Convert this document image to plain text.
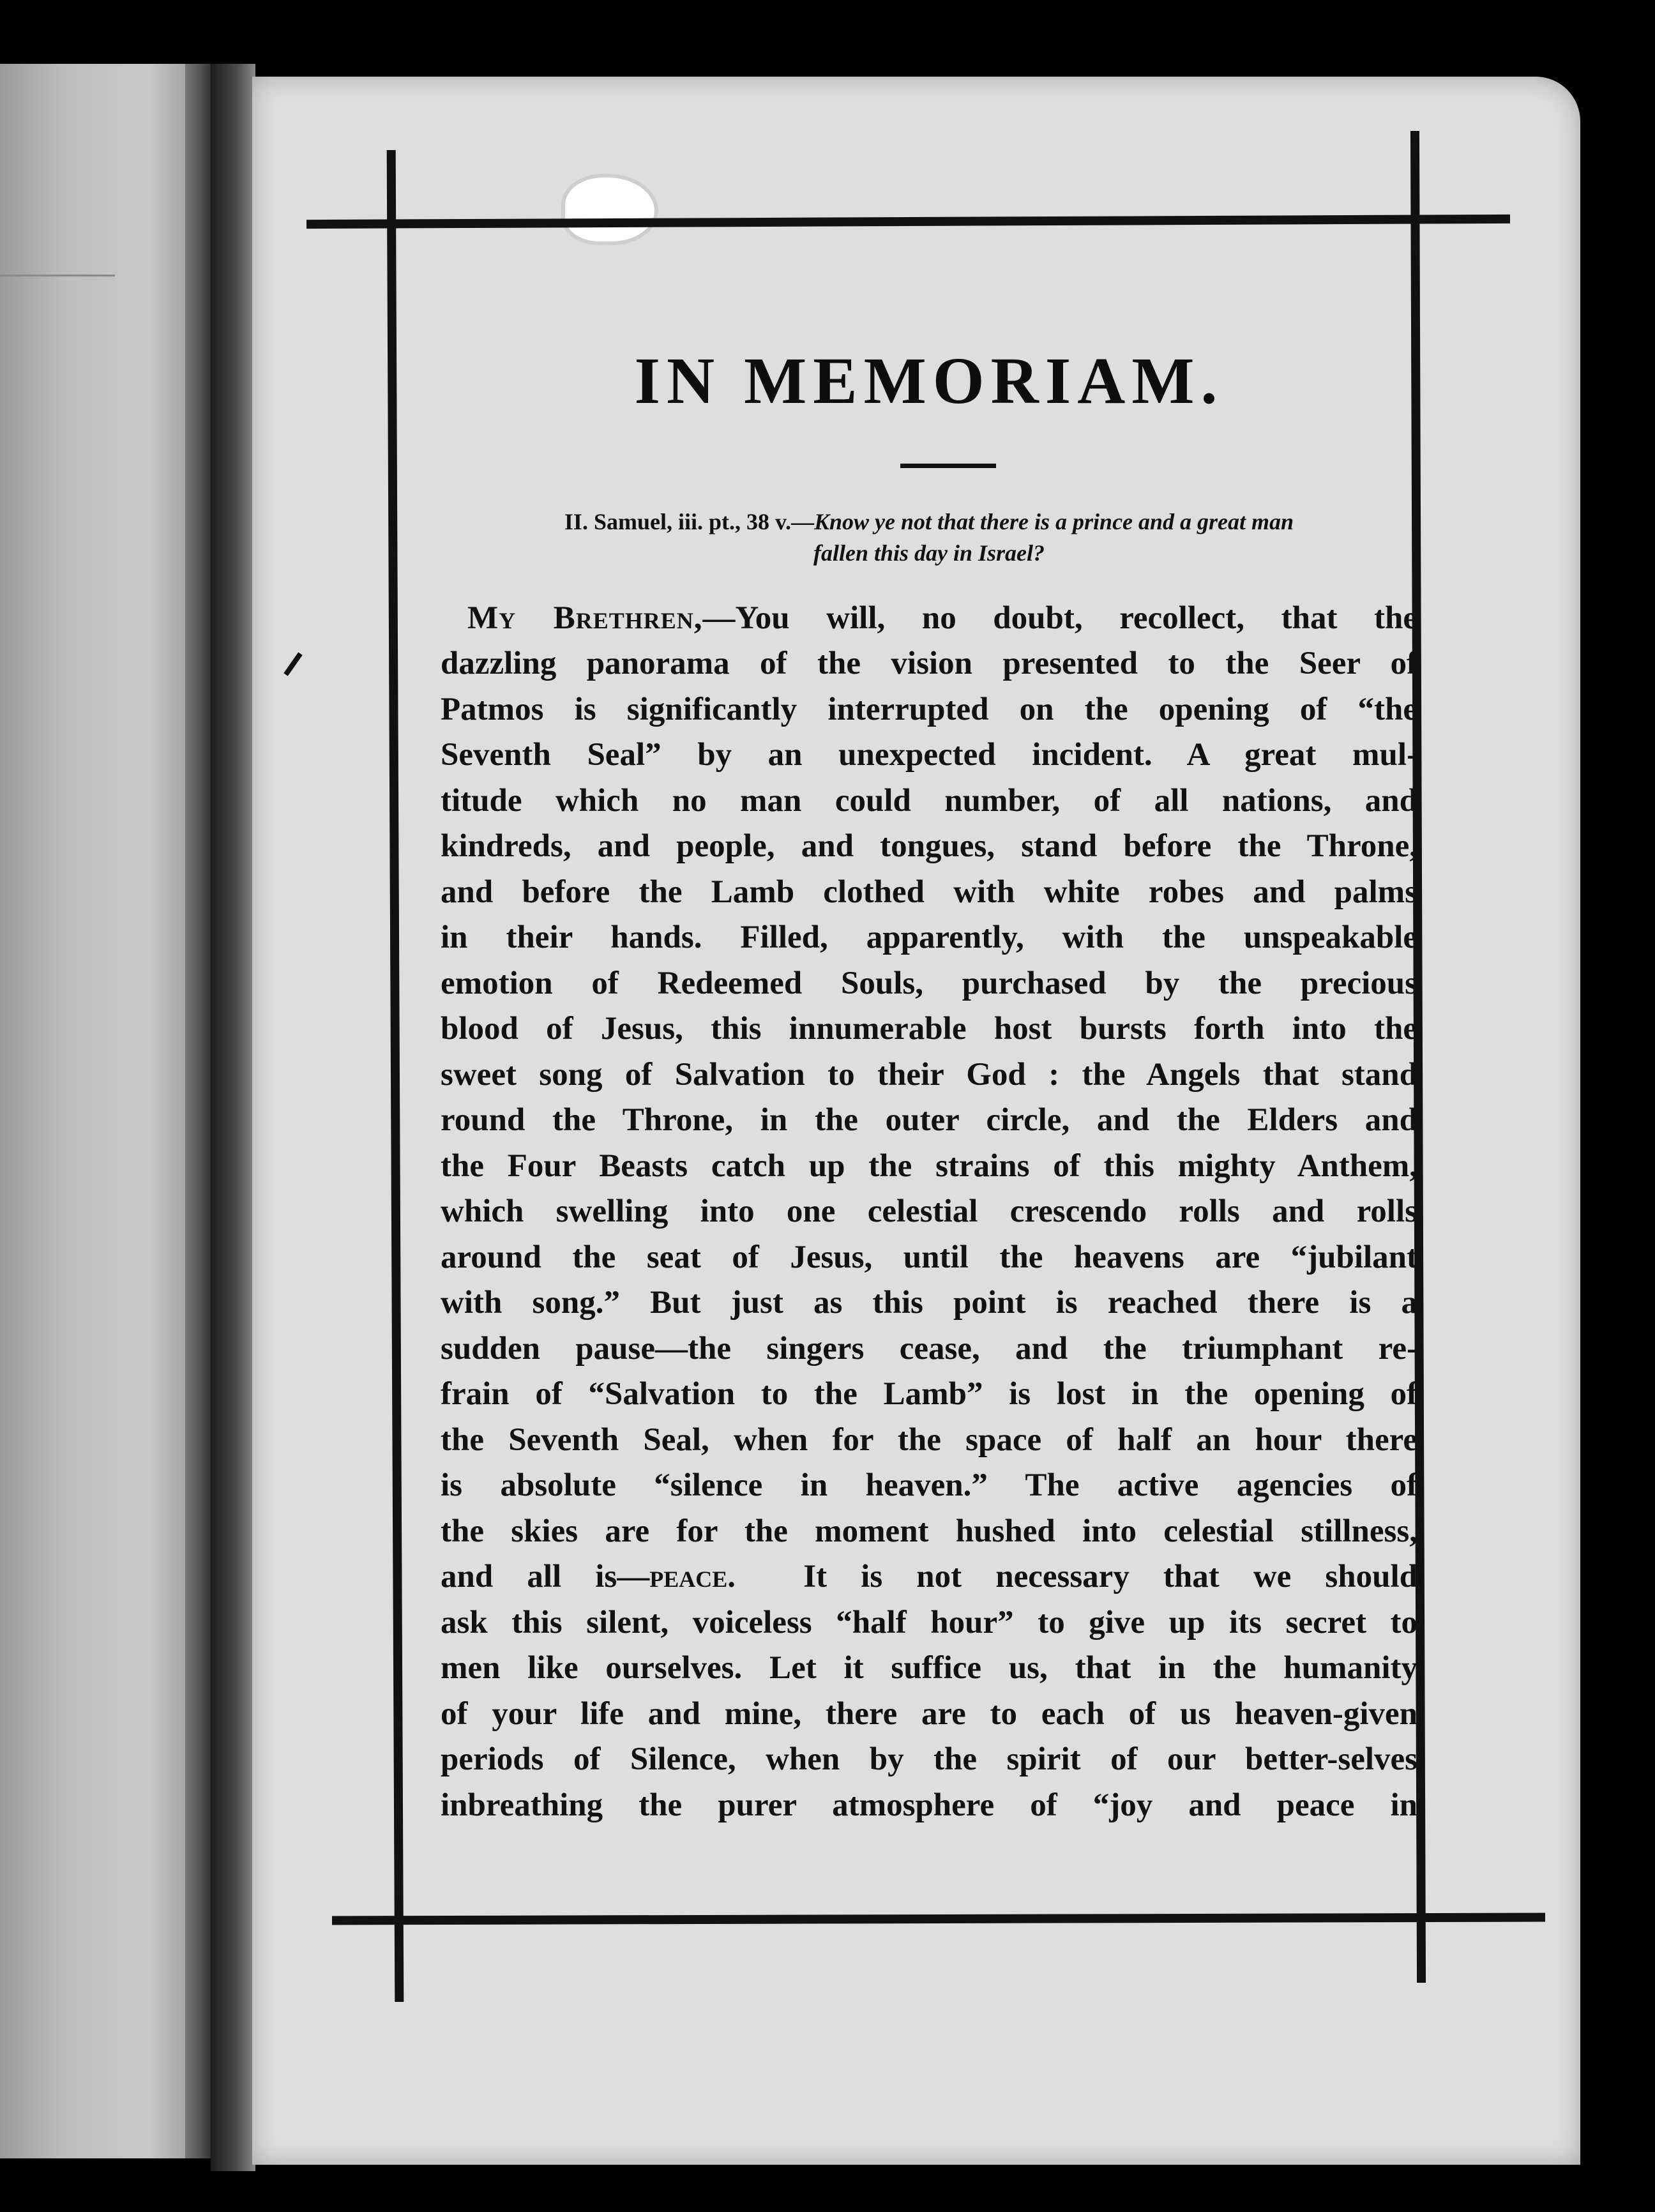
IN MEMORIAM.
II. Samuel, iii. pt., 38 v.—Know ye not that there is a prince and a great man
fallen this day in Israel?
My Brethren,—You will, no doubt, recollect, that the
dazzling panorama of the vision presented to the Seer of
Patmos is significantly interrupted on the opening of “the
Seventh Seal” by an unexpected incident. A great mul-
titude which no man could number, of all nations, and
kindreds, and people, and tongues, stand before the Throne,
and before the Lamb clothed with white robes and palms
in their hands. Filled, apparently, with the unspeakable
emotion of Redeemed Souls, purchased by the precious
blood of Jesus, this innumerable host bursts forth into the
sweet song of Salvation to their God : the Angels that stand
round the Throne, in the outer circle, and the Elders and
the Four Beasts catch up the strains of this mighty Anthem,
which swelling into one celestial crescendo rolls and rolls
around the seat of Jesus, until the heavens are “jubilant
with song.” But just as this point is reached there is a
sudden pause—the singers cease, and the triumphant re-
frain of “Salvation to the Lamb” is lost in the opening of
the Seventh Seal, when for the space of half an hour there
is absolute “silence in heaven.” The active agencies of
the skies are for the moment hushed into celestial stillness,
and all is—peace. It is not necessary that we should
ask this silent, voiceless “half hour” to give up its secret to
men like ourselves. Let it suffice us, that in the humanity
of your life and mine, there are to each of us heaven-given
periods of Silence, when by the spirit of our better-selves
inbreathing the purer atmosphere of “joy and peace in
